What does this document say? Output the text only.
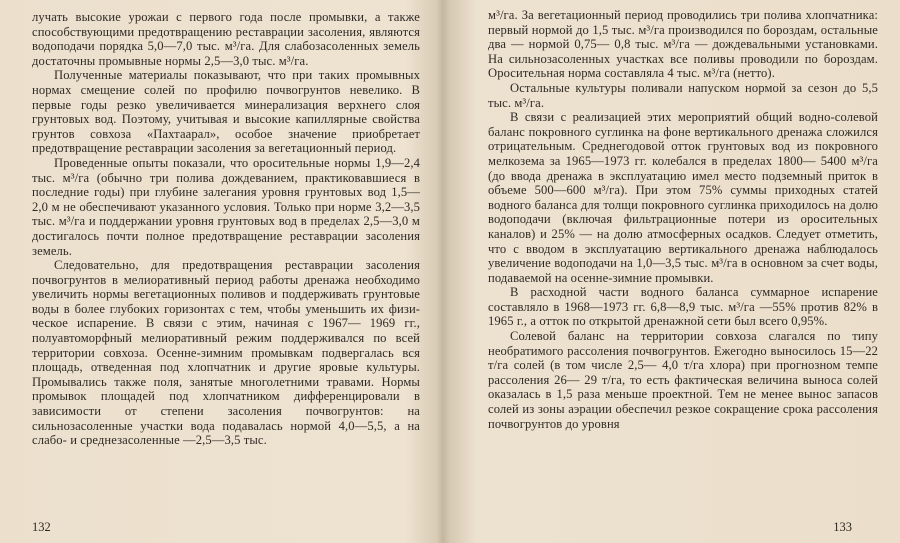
лучать высокие урожаи с первого года после промывки, а также способствующими предотвращению реставрации засоления, являются водоподачи порядка 5,0—7,0 тыс. м³/га. Для слабозасоленных земель достаточны промывные нормы 2,5—3,0 тыс. м³/га.

Полученные материалы показывают, что при таких промывных нормах смещение солей по профилю почвогрунтов невелико. В первые годы резко увеличивается минерализация верхнего слоя грунтовых вод. Поэтому, учитывая и высокие капиллярные свойства грунтов совхоза «Пахтаарал», особое значение приобретает предотвращение реставрации засоления за вегетационный период.

Проведенные опыты показали, что оросительные нормы 1,9—2,4 тыс. м³/га (обычно три полива дождеванием, практиковавшиеся в последние годы) при глубине залегания уровня грунтовых вод 1,5—2,0 м не обеспечивают указанного условия. Только при норме 3,2—3,5 тыс. м³/га и поддержании уровня грунтовых вод в пределах 2,5—3,0 м достигалось почти полное предотвращение реставрации засоления земель.

Следовательно, для предотвращения реставрации засоления почвогрунтов в мелиоративный период работы дренажа необходимо увеличить нормы вегетационных поливов и поддерживать грунтовые воды в более глубоких горизонтах с тем, чтобы уменьшить их физическое испарение. В связи с этим, начиная с 1967— 1969 гг., полуавтоморфный мелиоративный режим поддерживался по всей территории совхоза. Осенне-зимним промывкам подвергалась вся площадь, отведенная под хлопчатник и другие яровые культуры. Промывались также поля, занятые многолетними травами. Нормы промывок площадей под хлопчатником дифференцировали в зависимости от степени засоления почвогрунтов: на сильнозасоленные участки вода подавалась нормой 4,0—5,5, а на слабо- и среднезасоленные —2,5—3,5 тыс.

132

м³/га. За вегетационный период проводились три полива хлопчатника: первый нормой до 1,5 тыс. м³/га производился по бороздам, остальные два — нормой 0,75— 0,8 тыс. м³/га — дождевальными установками. На сильнозасоленных участках все поливы проводили по бороздам. Оросительная норма составляла 4 тыс. м³/га (нетто).

Остальные культуры поливали напуском нормой за сезон до 5,5 тыс. м³/га.

В связи с реализацией этих мероприятий общий водно-солевой баланс покровного суглинка на фоне вертикального дренажа сложился отрицательным. Среднегодовой отток грунтовых вод из покровного мелкозема за 1965—1973 гг. колебался в пределах 1800— 5400 м³/га (до ввода дренажа в эксплуатацию имел место подземный приток в объеме 500—600 м³/га). При этом 75% суммы приходных статей водного баланса для толщи покровного суглинка приходилось на долю водоподачи (включая фильтрационные потери из оросительных каналов) и 25% — на долю атмосферных осадков. Следует отметить, что с вводом в эксплуатацию вертикального дренажа наблюдалось увеличение водоподачи на 1,0—3,5 тыс. м³/га в основном за счет воды, подаваемой на осенне-зимние промывки.

В расходной части водного баланса суммарное испарение составляло в 1968—1973 гг. 6,8—8,9 тыс. м³/га —55% против 82% в 1965 г., а отток по открытой дренажной сети был всего 0,95%.

Солевой баланс на территории совхоза слагался по типу необратимого рассоления почвогрунтов. Ежегодно выносилось 15—22 т/га солей (в том числе 2,5— 4,0 т/га хлора) при прогнозном темпе рассоления 26— 29 т/га, то есть фактическая величина выноса солей оказалась в 1,5 раза меньше проектной. Тем не менее вынос запасов солей из зоны аэрации обеспечил резкое сокращение срока рассоления почвогрунтов до уровня

133
